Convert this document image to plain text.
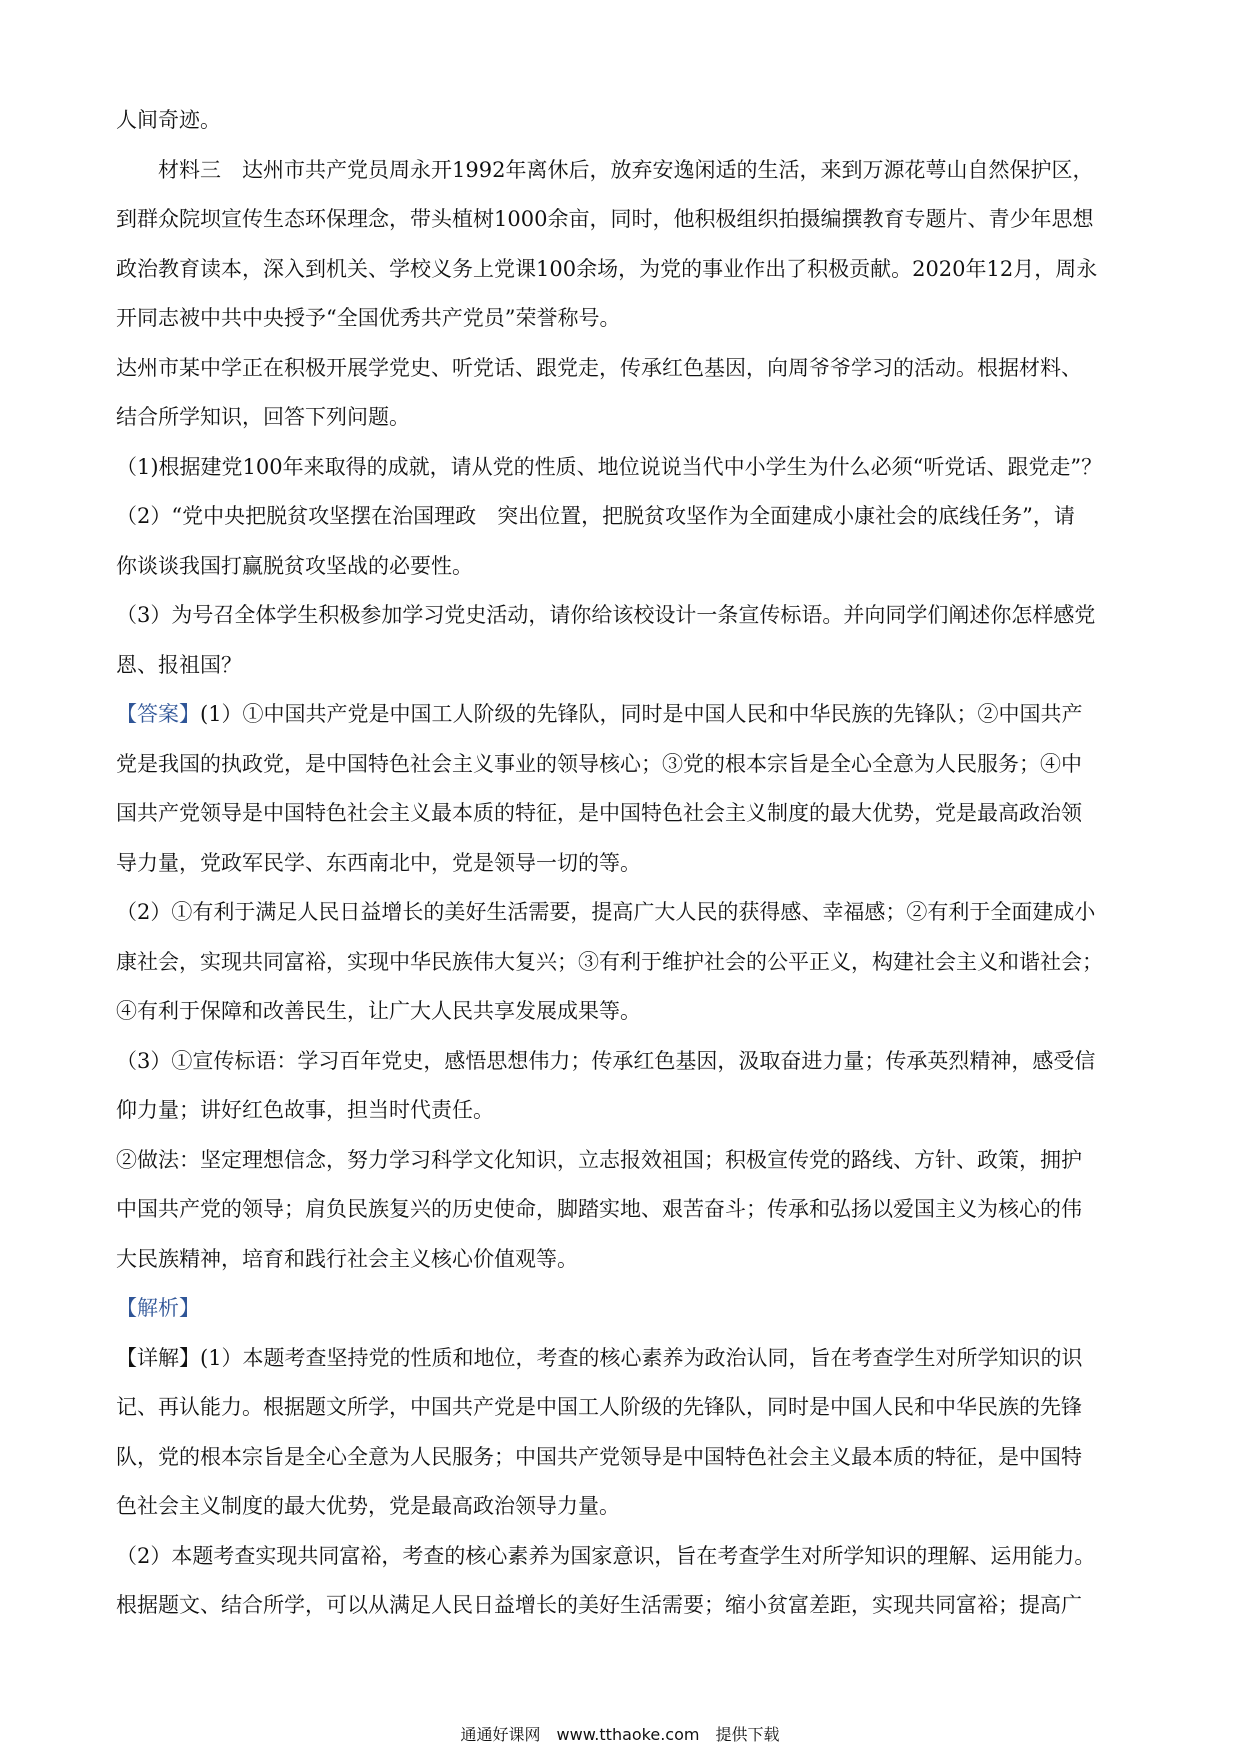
人间奇迹。
材料三　达州市共产党员周永开1992年离休后，放弃安逸闲适的生活，来到万源花萼山自然保护区，
到群众院坝宣传生态环保理念，带头植树1000余亩，同时，他积极组织拍摄编撰教育专题片、青少年思想
政治教育读本，深入到机关、学校义务上党课100余场，为党的事业作出了积极贡献。2020年12月，周永
开同志被中共中央授予“全国优秀共产党员”荣誉称号。
达州市某中学正在积极开展学党史、听党话、跟党走，传承红色基因，向周爷爷学习的活动。根据材料、
结合所学知识，回答下列问题。
（1)根据建党100年来取得的成就，请从党的性质、地位说说当代中小学生为什么必须“听党话、跟党走”？
（2）“党中央把脱贫攻坚摆在治国理政　突出位置，把脱贫攻坚作为全面建成小康社会的底线任务”，请
你谈谈我国打赢脱贫攻坚战的必要性。
（3）为号召全体学生积极参加学习党史活动，请你给该校设计一条宣传标语。并向同学们阐述你怎样感党
恩、报祖国？
【答案】(1）①中国共产党是中国工人阶级的先锋队，同时是中国人民和中华民族的先锋队；②中国共产
党是我国的执政党，是中国特色社会主义事业的领导核心；③党的根本宗旨是全心全意为人民服务；④中
国共产党领导是中国特色社会主义最本质的特征，是中国特色社会主义制度的最大优势，党是最高政治领
导力量，党政军民学、东西南北中，党是领导一切的等。
（2）①有利于满足人民日益增长的美好生活需要，提高广大人民的获得感、幸福感；②有利于全面建成小
康社会，实现共同富裕，实现中华民族伟大复兴；③有利于维护社会的公平正义，构建社会主义和谐社会；
④有利于保障和改善民生，让广大人民共享发展成果等。
（3）①宣传标语：学习百年党史，感悟思想伟力；传承红色基因，汲取奋进力量；传承英烈精神，感受信
仰力量；讲好红色故事，担当时代责任。
②做法：坚定理想信念，努力学习科学文化知识，立志报效祖国；积极宣传党的路线、方针、政策，拥护
中国共产党的领导；肩负民族复兴的历史使命，脚踏实地、艰苦奋斗；传承和弘扬以爱国主义为核心的伟
大民族精神，培育和践行社会主义核心价值观等。
【解析】
【详解】(1）本题考查坚持党的性质和地位，考查的核心素养为政治认同，旨在考查学生对所学知识的识
记、再认能力。根据题文所学，中国共产党是中国工人阶级的先锋队，同时是中国人民和中华民族的先锋
队，党的根本宗旨是全心全意为人民服务；中国共产党领导是中国特色社会主义最本质的特征，是中国特
色社会主义制度的最大优势，党是最高政治领导力量。
（2）本题考查实现共同富裕，考查的核心素养为国家意识，旨在考查学生对所学知识的理解、运用能力。
根据题文、结合所学，可以从满足人民日益增长的美好生活需要；缩小贫富差距，实现共同富裕；提高广
通通好课网　www.tthaoke.com　提供下载
